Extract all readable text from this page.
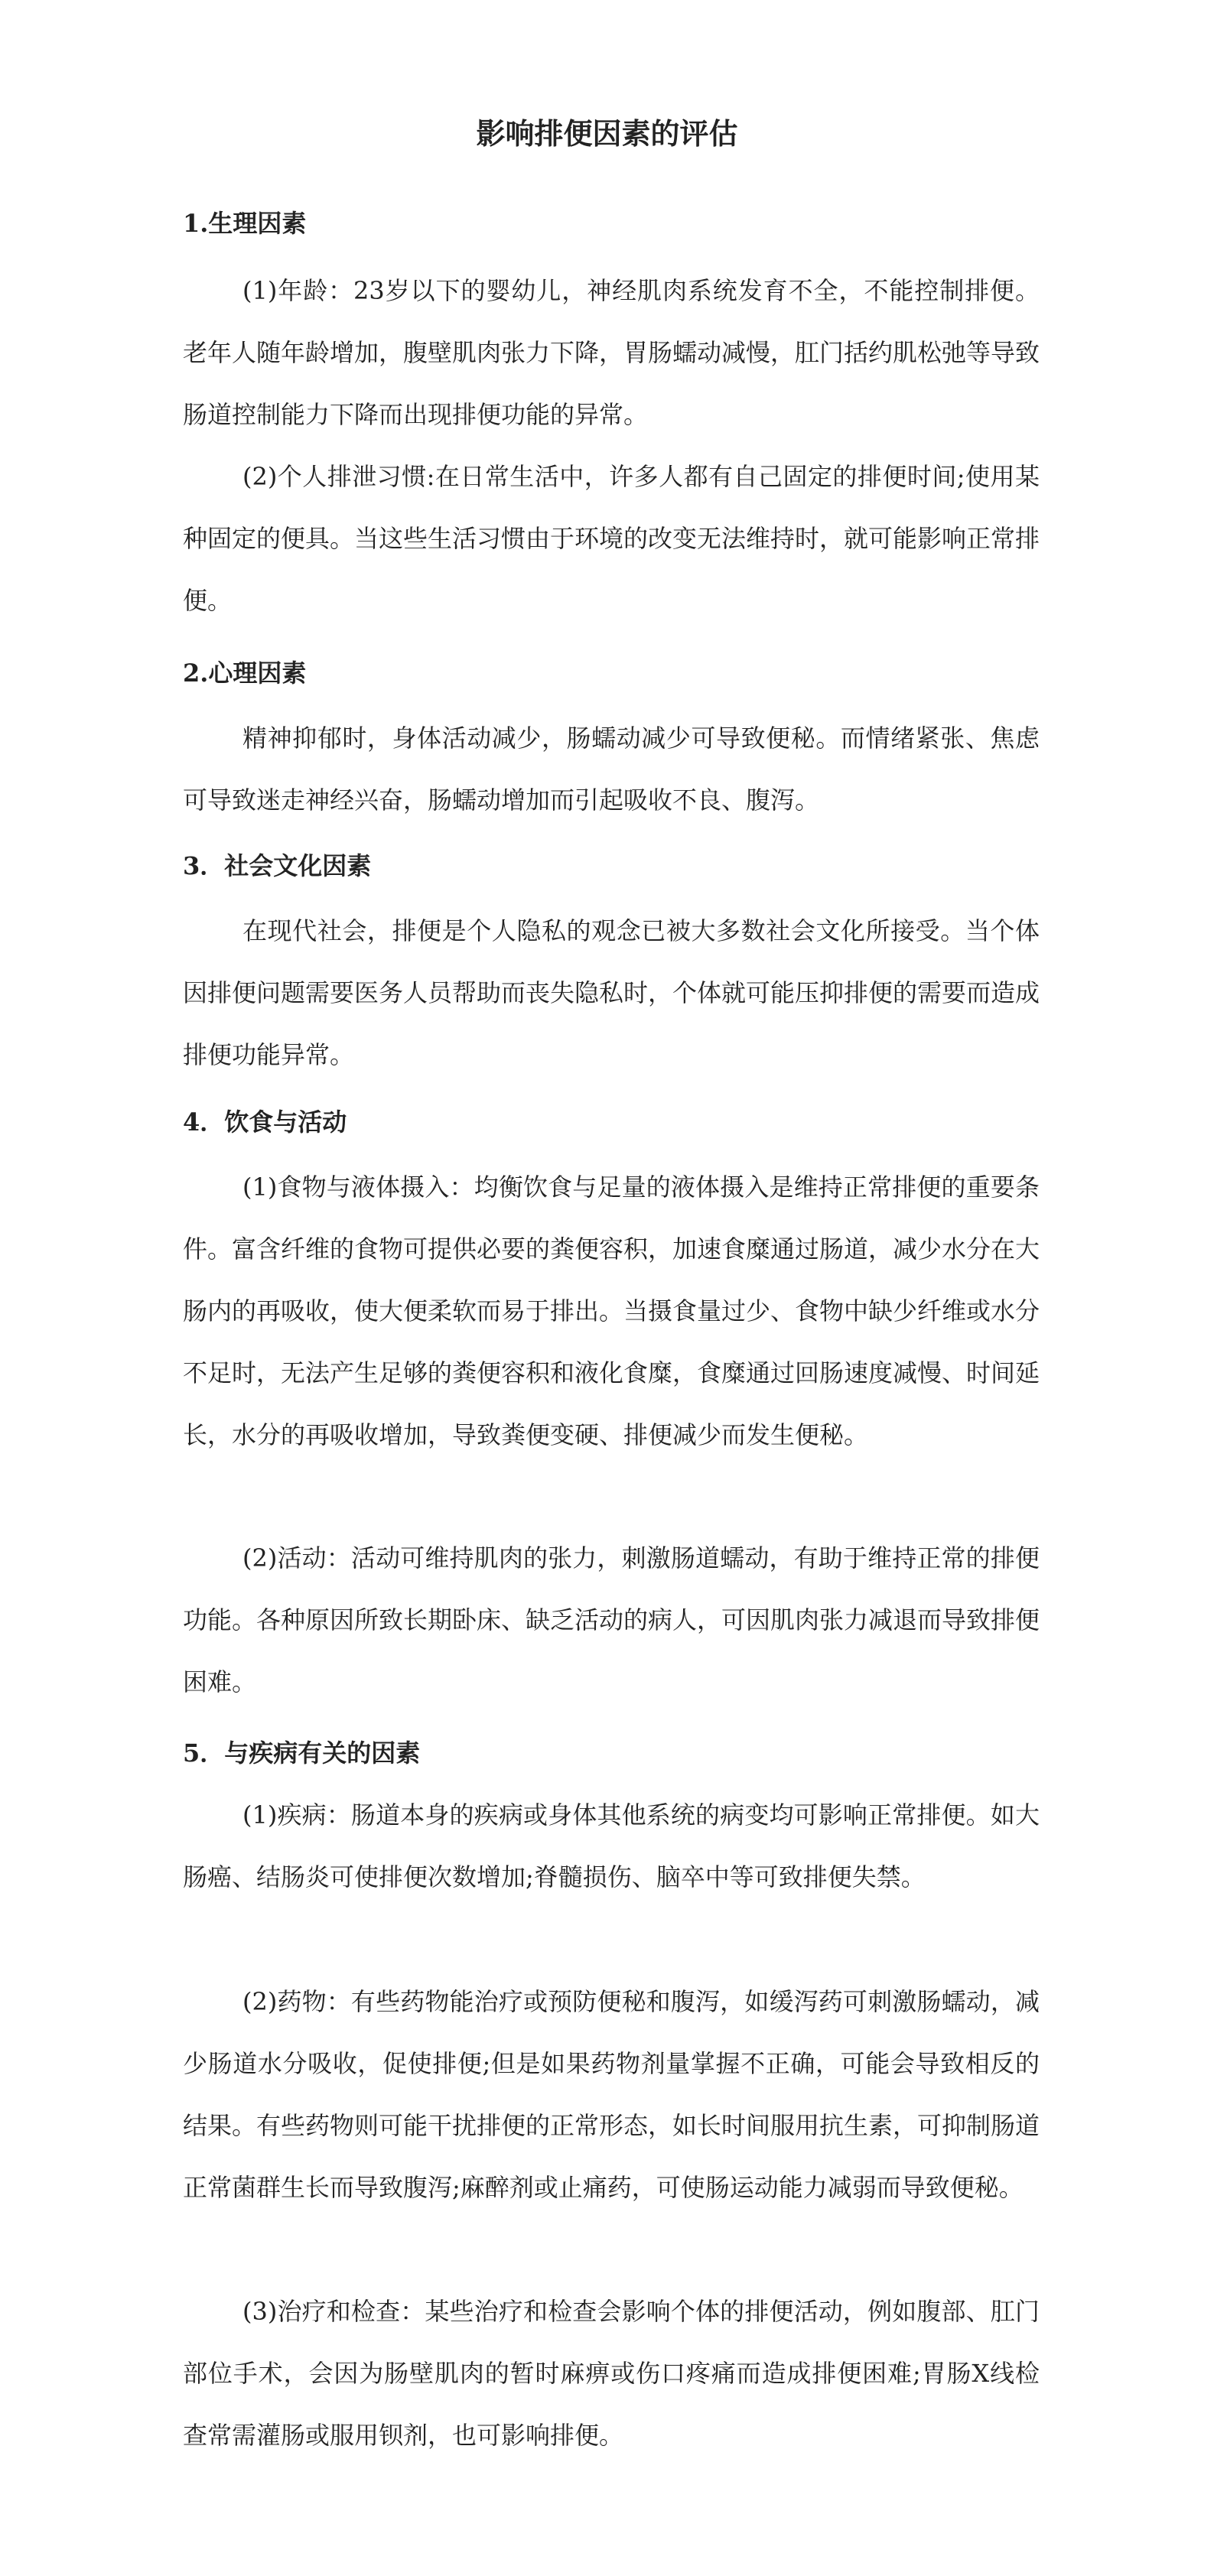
影响排便因素的评估
1.生理因素

(1)年龄：23岁以下的婴幼儿，神经肌肉系统发育不全，不能控制排便。老年人随年龄增加，腹壁肌肉张力下降，胃肠蠕动减慢，肛门括约肌松弛等导致肠道控制能力下降而出现排便功能的异常。

(2)个人排泄习惯:在日常生活中，许多人都有自己固定的排便时间;使用某种固定的便具。当这些生活习惯由于环境的改变无法维持时，就可能影响正常排便。

2.心理因素

精神抑郁时，身体活动减少，肠蠕动减少可导致便秘。而情绪紧张、焦虑可导致迷走神经兴奋，肠蠕动增加而引起吸收不良、腹泻。

3．社会文化因素

在现代社会，排便是个人隐私的观念已被大多数社会文化所接受。当个体因排便问题需要医务人员帮助而丧失隐私时，个体就可能压抑排便的需要而造成排便功能异常。

4．饮食与活动

(1)食物与液体摄入：均衡饮食与足量的液体摄入是维持正常排便的重要条件。富含纤维的食物可提供必要的粪便容积，加速食糜通过肠道，减少水分在大肠内的再吸收，使大便柔软而易于排出。当摄食量过少、食物中缺少纤维或水分不足时，无法产生足够的粪便容积和液化食糜，食糜通过回肠速度减慢、时间延长，水分的再吸收增加，导致粪便变硬、排便减少而发生便秘。

(2)活动：活动可维持肌肉的张力，刺激肠道蠕动，有助于维持正常的排便功能。各种原因所致长期卧床、缺乏活动的病人，可因肌肉张力减退而导致排便困难。

5．与疾病有关的因素

(1)疾病：肠道本身的疾病或身体其他系统的病变均可影响正常排便。如大肠癌、结肠炎可使排便次数增加;脊髓损伤、脑卒中等可致排便失禁。

(2)药物：有些药物能治疗或预防便秘和腹泻，如缓泻药可刺激肠蠕动，减少肠道水分吸收，促使排便;但是如果药物剂量掌握不正确，可能会导致相反的结果。有些药物则可能干扰排便的正常形态，如长时间服用抗生素，可抑制肠道正常菌群生长而导致腹泻;麻醉剂或止痛药，可使肠运动能力减弱而导致便秘。

(3)治疗和检查：某些治疗和检查会影响个体的排便活动，例如腹部、肛门部位手术，会因为肠壁肌肉的暂时麻痹或伤口疼痛而造成排便困难;胃肠X线检查常需灌肠或服用钡剂，也可影响排便。
